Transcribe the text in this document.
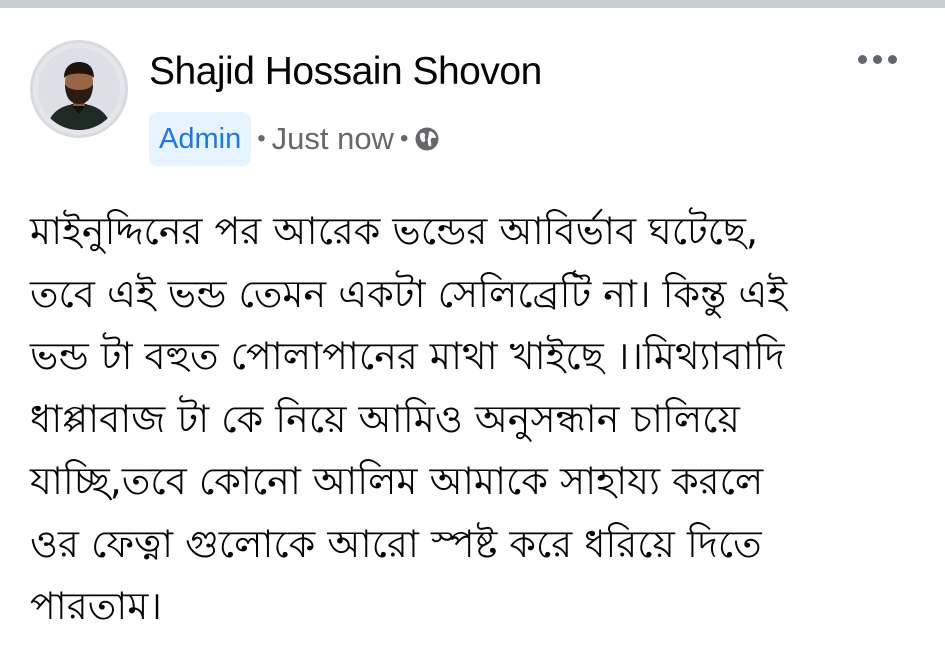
Shajid Hossain Shovon
Admin • Just now •
মাইনুদ্দিনের পর আরেক ভন্ডের আবির্ভাব ঘটেছে,
তবে এই ভন্ড তেমন একটা সেলিব্রেটি না। কিন্তু এই
ভন্ড টা বহুত পোলাপানের মাথা খাইছে ।।মিথ্যাবাদি
ধাপ্পাবাজ টা কে নিয়ে আমিও অনুসন্ধান চালিয়ে
যাচ্ছি,তবে কোনো আলিম আমাকে সাহায্য করলে
ওর ফেত্না গুলোকে আরো স্পষ্ট করে ধরিয়ে দিতে
পারতাম।
